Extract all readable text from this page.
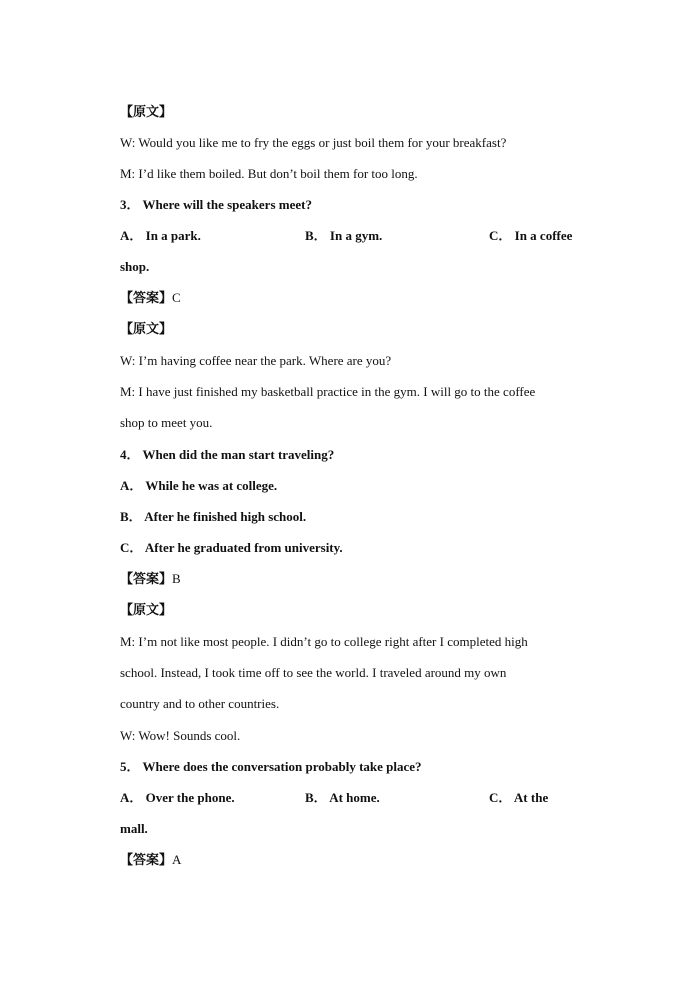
【原文】
W: Would you like me to fry the eggs or just boil them for your breakfast?
M: I’d like them boiled. But don’t boil them for too long.
3． Where will the speakers meet?
A． In a park.	B． In a gym.	C． In a coffee
shop.
【答案】C
【原文】
W: I’m having coffee near the park. Where are you?
M: I have just finished my basketball practice in the gym. I will go to the coffee
shop to meet you.
4． When did the man start traveling?
A． While he was at college.
B． After he finished high school.
C． After he graduated from university.
【答案】B
【原文】
M: I’m not like most people. I didn’t go to college right after I completed high
school. Instead, I took time off to see the world. I traveled around my own
country and to other countries.
W: Wow! Sounds cool.
5． Where does the conversation probably take place?
A． Over the phone.	B． At home.	C． At the
mall.
【答案】A
